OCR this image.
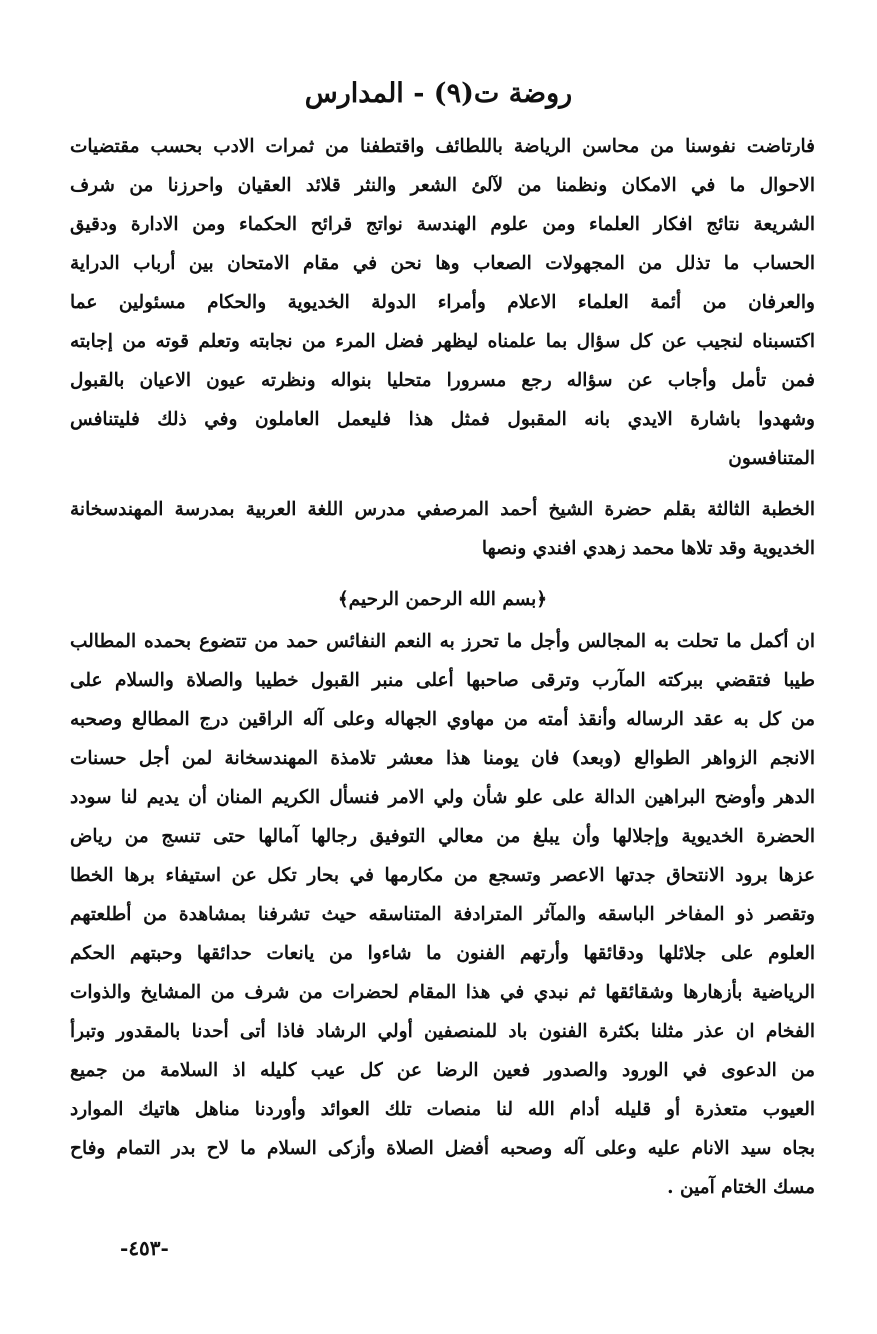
روضة ت(٩) - المدارس
فارتاضت نفوسنا من محاسن الرياضة باللطائف واقتطفنا من ثمرات الادب بحسب مقتضيات
الاحوال ما في الامكان ونظمنا من لآلئ الشعر والنثر قلائد العقيان واحرزنا من شرف
الشريعة نتائج افكار العلماء ومن علوم الهندسة نواتج قرائح الحكماء ومن الادارة ودقيق
الحساب ما تذلل من المجهولات الصعاب وها نحن في مقام الامتحان بين أرباب الدراية
والعرفان من أئمة العلماء الاعلام وأمراء الدولة الخديوية والحكام مسئولين عما
اكتسبناه لنجيب عن كل سؤال بما علمناه ليظهر فضل المرء من نجابته وتعلم قوته من إجابته
فمن تأمل وأجاب عن سؤاله رجع مسرورا متحليا بنواله ونظرته عيون الاعيان بالقبول
وشهدوا باشارة الايدي بانه المقبول فمثل هذا فليعمل العاملون وفي ذلك فليتنافس
المتنافسون
الخطبة الثالثة بقلم حضرة الشيخ أحمد المرصفي مدرس اللغة العربية بمدرسة المهندسخانة
الخديوية وقد تلاها محمد زهدي افندي ونصها
﴿بسم الله الرحمن الرحيم﴾
ان أكمل ما تحلت به المجالس وأجل ما تحرز به النعم النفائس حمد من تتضوع بحمده المطالب
طيبا فتقضي ببركته المآرب وترقى صاحبها أعلى منبر القبول خطيبا والصلاة والسلام على
من كل به عقد الرساله وأنقذ أمته من مهاوي الجهاله وعلى آله الراقين درج المطالع وصحبه
الانجم الزواهر الطوالع (وبعد) فان يومنا هذا معشر تلامذة المهندسخانة لمن أجل حسنات
الدهر وأوضح البراهين الدالة على علو شأن ولي الامر فنسأل الكريم المنان أن يديم لنا سودد
الحضرة الخديوية وإجلالها وأن يبلغ من معالي التوفيق رجالها آمالها حتى تنسج من رياض
عزها برود الانتحاق جدتها الاعصر وتسجع من مكارمها في بحار تكل عن استيفاء برها الخطا
وتقصر ذو المفاخر الباسقه والمآثر المترادفة المتناسقه حيث تشرفنا بمشاهدة من أطلعتهم
العلوم على جلائلها ودقائقها وأرتهم الفنون ما شاءوا من يانعات حدائقها وحبتهم الحكم
الرياضية بأزهارها وشقائقها ثم نبدي في هذا المقام لحضرات من شرف من المشايخ والذوات
الفخام ان عذر مثلنا بكثرة الفنون باد للمنصفين أولي الرشاد فاذا أتى أحدنا بالمقدور وتبرأ
من الدعوى في الورود والصدور فعين الرضا عن كل عيب كليله اذ السلامة من جميع
العيوب متعذرة أو قليله أدام الله لنا منصات تلك العوائد وأوردنا مناهل هاتيك الموارد
بجاه سيد الانام عليه وعلى آله وصحبه أفضل الصلاة وأزكى السلام ما لاح بدر التمام وفاح
مسك الختام آمين .
-٤٥٣-
